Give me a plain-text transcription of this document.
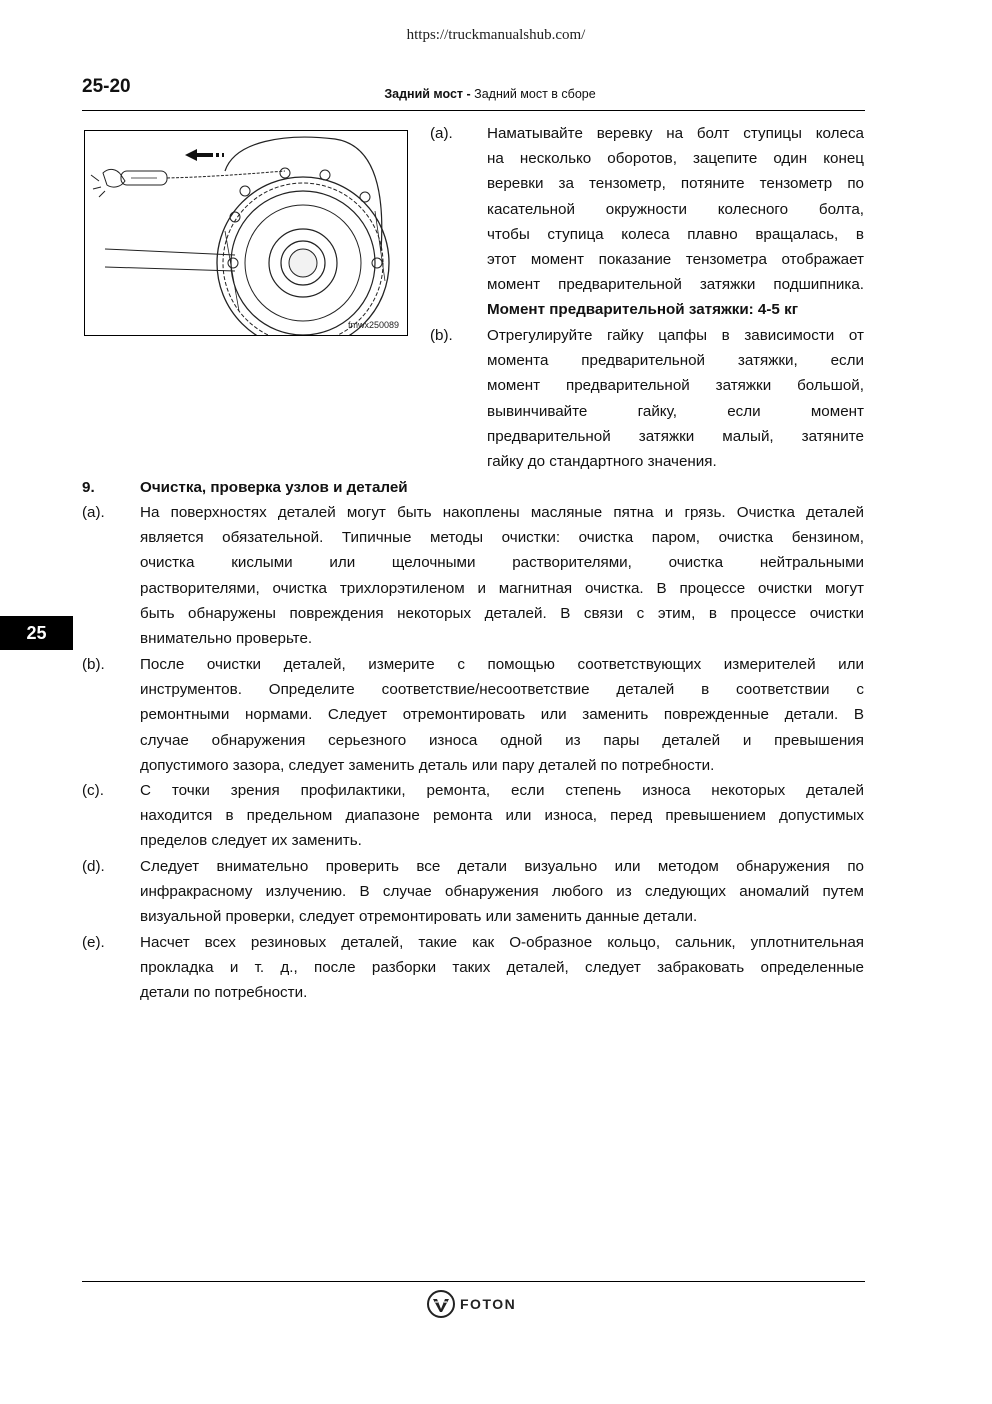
https://truckmanualshub.com/
25-20	Задний мост - Задний мост в сборе
fmwx250089
(a). Наматывайте веревку на болт ступицы колеса
на несколько оборотов, зацепите один конец
веревки за тензометр, потяните тензометр по
касательной окружности колесного болта,
чтобы ступица колеса плавно вращалась, в
этот момент показание тензометра отображает
момент предварительной затяжки подшипника.
Момент предварительной затяжки: 4-5 кг
(b). Отрегулируйте гайку цапфы в зависимости от
момента предварительной затяжки, если
момент предварительной затяжки большой,
вывинчивайте гайку, если момент
предварительной затяжки малый, затяните
гайку до стандартного значения.
9.	Очистка, проверка узлов и деталей
(a). На поверхностях деталей могут быть накоплены масляные пятна и грязь. Очистка деталей
является обязательной. Типичные методы очистки: очистка паром, очистка бензином,
очистка кислыми или щелочными растворителями, очистка нейтральными
растворителями, очистка трихлорэтиленом и магнитная очистка. В процессе очистки могут
быть обнаружены повреждения некоторых деталей. В связи с этим, в процессе очистки
внимательно проверьте.
(b). После очистки деталей, измерите с помощью соответствующих измерителей или
инструментов. Определите соответствие/несоответствие деталей в соответствии с
ремонтными нормами. Следует отремонтировать или заменить поврежденные детали. В
случае обнаружения серьезного износа одной из пары деталей и превышения
допустимого зазора, следует заменить деталь или пару деталей по потребности.
(c). С точки зрения профилактики, ремонта, если степень износа некоторых деталей
находится в предельном диапазоне ремонта или износа, перед превышением допустимых
пределов следует их заменить.
(d). Следует внимательно проверить все детали визуально или методом обнаружения по
инфракрасному излучению. В случае обнаружения любого из следующих аномалий путем
визуальной проверки, следует отремонтировать или заменить данные детали.
(e). Насчет всех резиновых деталей, такие как О-образное кольцо, сальник, уплотнительная
прокладка и т. д., после разборки таких деталей, следует забраковать определенные
детали по потребности.
25
FOTON
